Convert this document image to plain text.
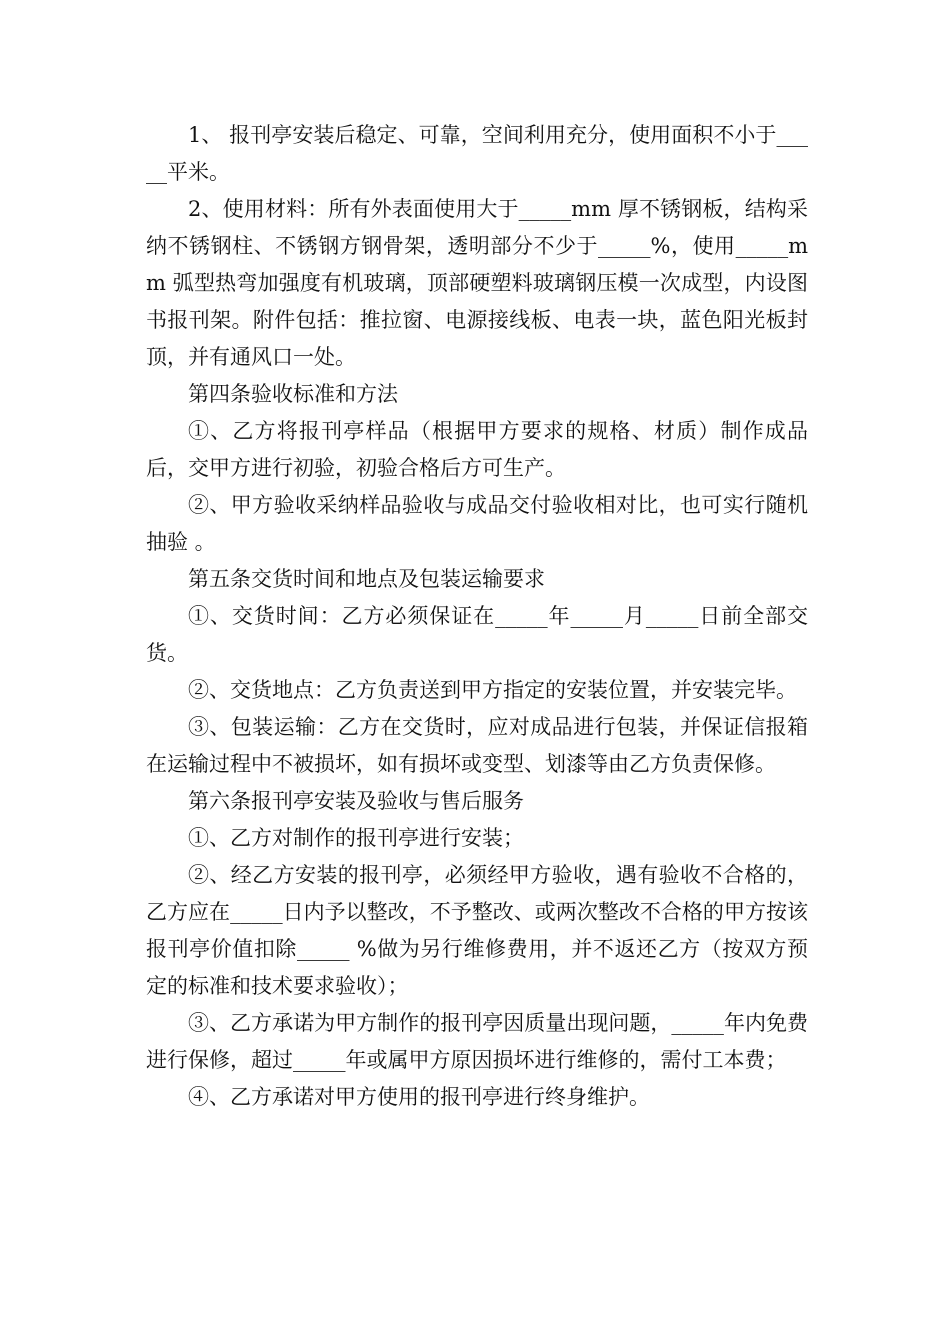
1、 报刊亭安装后稳定、可靠，空间利用充分，使用面积不小于_____平米。

2、使用材料：所有外表面使用大于_____mm 厚不锈钢板，结构采纳不锈钢柱、不锈钢方钢骨架，透明部分不少于_____%，使用_____mm 弧型热弯加强度有机玻璃，顶部硬塑料玻璃钢压模一次成型，内设图书报刊架。附件包括：推拉窗、电源接线板、电表一块，蓝色阳光板封顶，并有通风口一处。

第四条验收标准和方法

①、乙方将报刊亭样品（根据甲方要求的规格、材质）制作成品后，交甲方进行初验，初验合格后方可生产。

②、甲方验收采纳样品验收与成品交付验收相对比，也可实行随机抽验 。

第五条交货时间和地点及包装运输要求

①、交货时间：乙方必须保证在_____年_____月_____日前全部交货。

②、交货地点：乙方负责送到甲方指定的安装位置，并安装完毕。

③、包装运输：乙方在交货时，应对成品进行包装，并保证信报箱在运输过程中不被损坏，如有损坏或变型、划漆等由乙方负责保修。

第六条报刊亭安装及验收与售后服务

①、乙方对制作的报刊亭进行安装；

②、经乙方安装的报刊亭，必须经甲方验收，遇有验收不合格的，乙方应在_____日内予以整改，不予整改、或两次整改不合格的甲方按该报刊亭价值扣除_____ %做为另行维修费用，并不返还乙方（按双方预定的标准和技术要求验收）；

③、乙方承诺为甲方制作的报刊亭因质量出现问题，_____年内免费进行保修，超过_____年或属甲方原因损坏进行维修的，需付工本费；

④、乙方承诺对甲方使用的报刊亭进行终身维护。
